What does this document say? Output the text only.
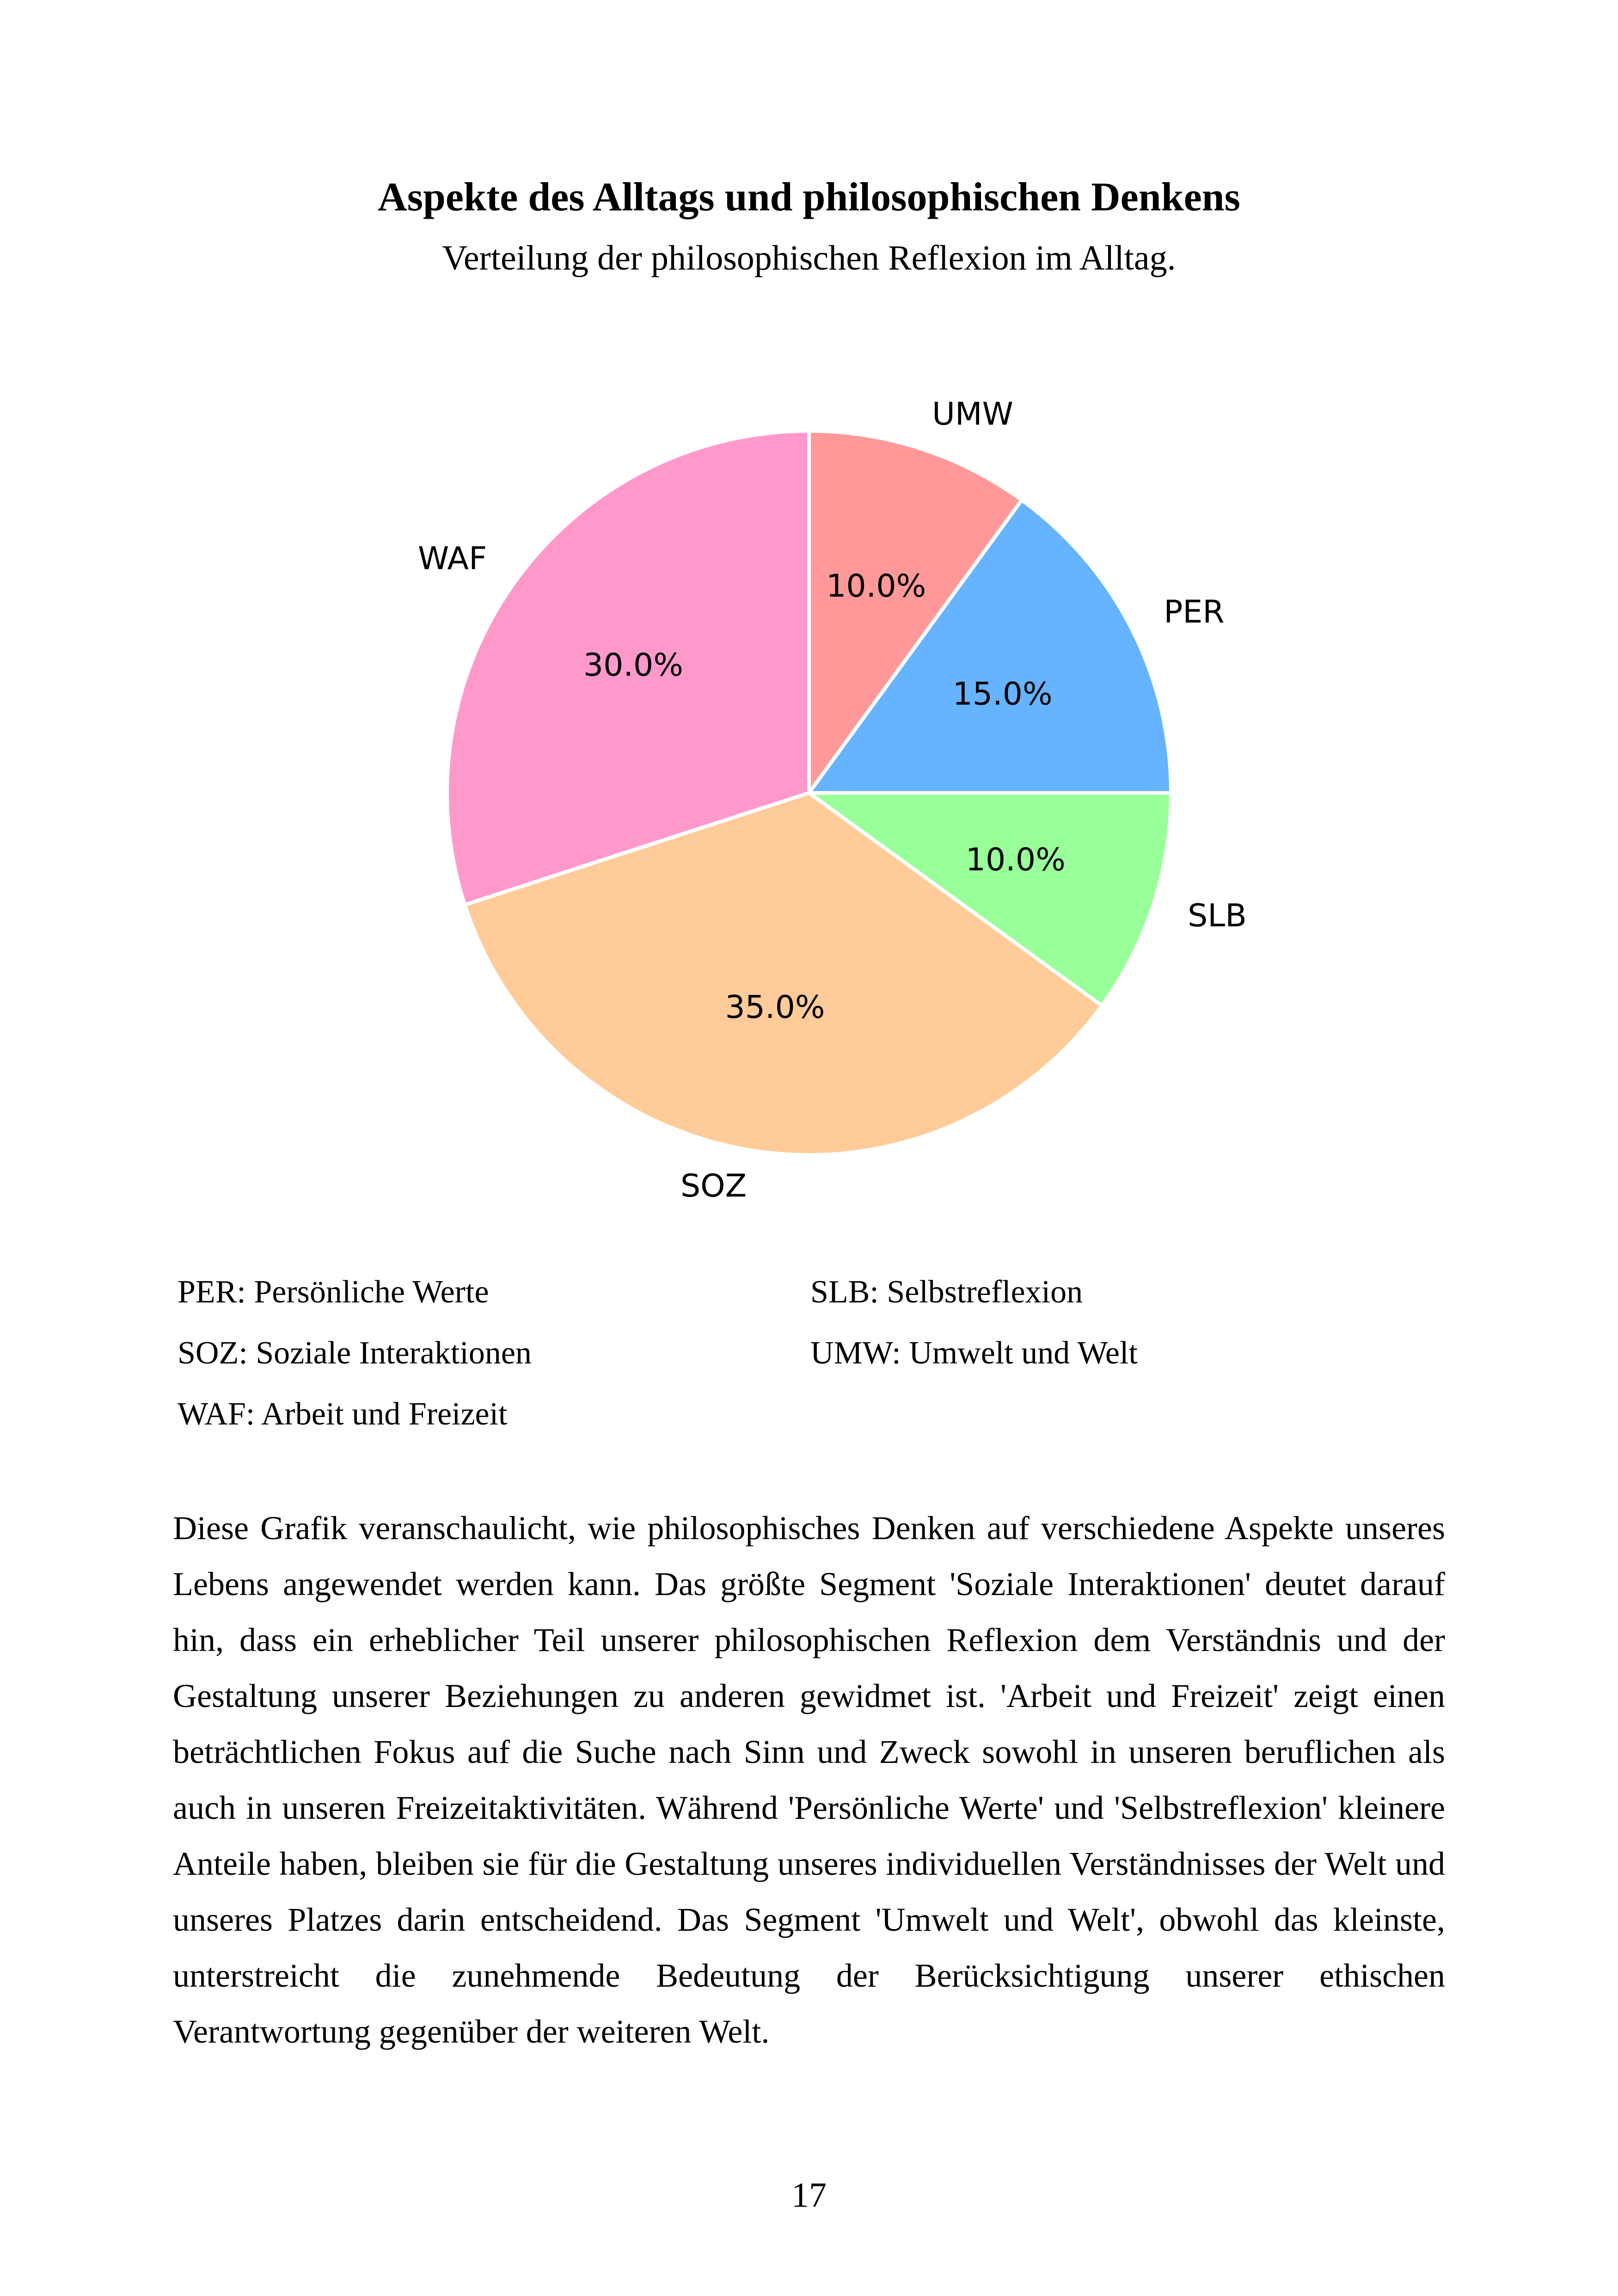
Aspekte des Alltags und philosophischen Denkens
Verteilung der philosophischen Reflexion im Alltag.
10.0%
UMW
15.0%
PER
10.0%
SLB
35.0%
SOZ
30.0%
WAF
PER: Persönliche Werte	SLB: Selbstreflexion
SOZ: Soziale Interaktionen	UMW: Umwelt und Welt
WAF: Arbeit und Freizeit
Diese Grafik veranschaulicht, wie philosophisches Denken auf verschiedene Aspekte unseres Lebens angewendet werden kann. Das größte Segment 'Soziale Interaktionen' deutet darauf hin, dass ein erheblicher Teil unserer philosophischen Reflexion dem Verständnis und der Gestaltung unserer Beziehungen zu anderen gewidmet ist. 'Arbeit und Freizeit' zeigt einen beträchtlichen Fokus auf die Suche nach Sinn und Zweck sowohl in unseren beruflichen als auch in unseren Freizeitaktivitäten. Während 'Persönliche Werte' und 'Selbstreflexion' kleinere Anteile haben, bleiben sie für die Gestaltung unseres individuellen Verständnisses der Welt und unseres Platzes darin entscheidend. Das Segment 'Umwelt und Welt', obwohl das kleinste, unterstreicht die zunehmende Bedeutung der Berücksichtigung unserer ethischen Verantwortung gegenüber der weiteren Welt.
17
